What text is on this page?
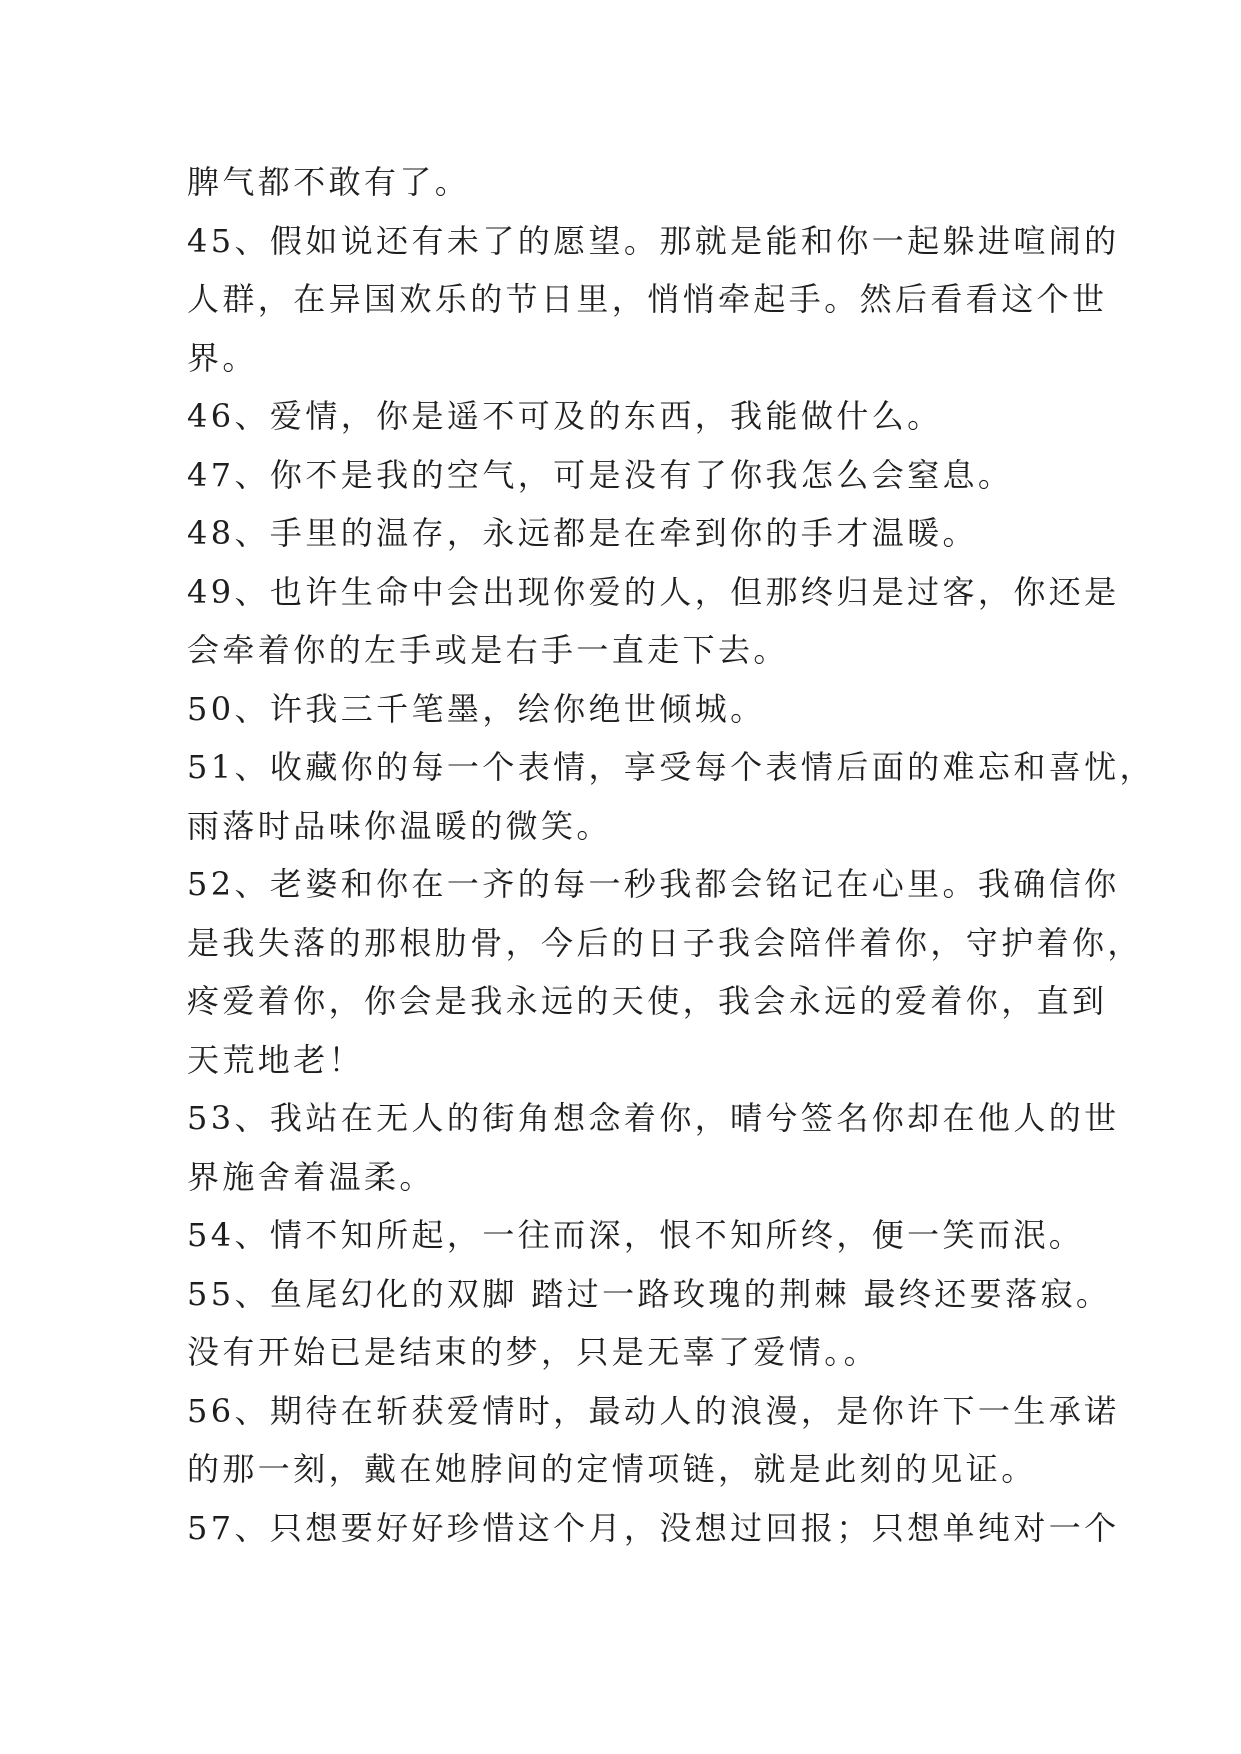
脾气都不敢有了。
45、假如说还有未了的愿望。那就是能和你一起躲进喧闹的
人群，在异国欢乐的节日里，悄悄牵起手。然后看看这个世
界。
46、爱情，你是遥不可及的东西，我能做什么。
47、你不是我的空气，可是没有了你我怎么会窒息。
48、手里的温存，永远都是在牵到你的手才温暖。
49、也许生命中会出现你爱的人，但那终归是过客，你还是
会牵着你的左手或是右手一直走下去。
50、许我三千笔墨，绘你绝世倾城。
51、收藏你的每一个表情，享受每个表情后面的难忘和喜忧，
雨落时品味你温暖的微笑。
52、老婆和你在一齐的每一秒我都会铭记在心里。我确信你
是我失落的那根肋骨，今后的日子我会陪伴着你，守护着你，
疼爱着你，你会是我永远的天使，我会永远的爱着你，直到
天荒地老！
53、我站在无人的街角想念着你，晴兮签名你却在他人的世
界施舍着温柔。
54、情不知所起，一往而深，恨不知所终，便一笑而泯。
55、鱼尾幻化的双脚 踏过一路玫瑰的荆棘 最终还要落寂。
没有开始已是结束的梦，只是无辜了爱情。。
56、期待在斩获爱情时，最动人的浪漫，是你许下一生承诺
的那一刻，戴在她脖间的定情项链，就是此刻的见证。
57、只想要好好珍惜这个月，没想过回报；只想单纯对一个
